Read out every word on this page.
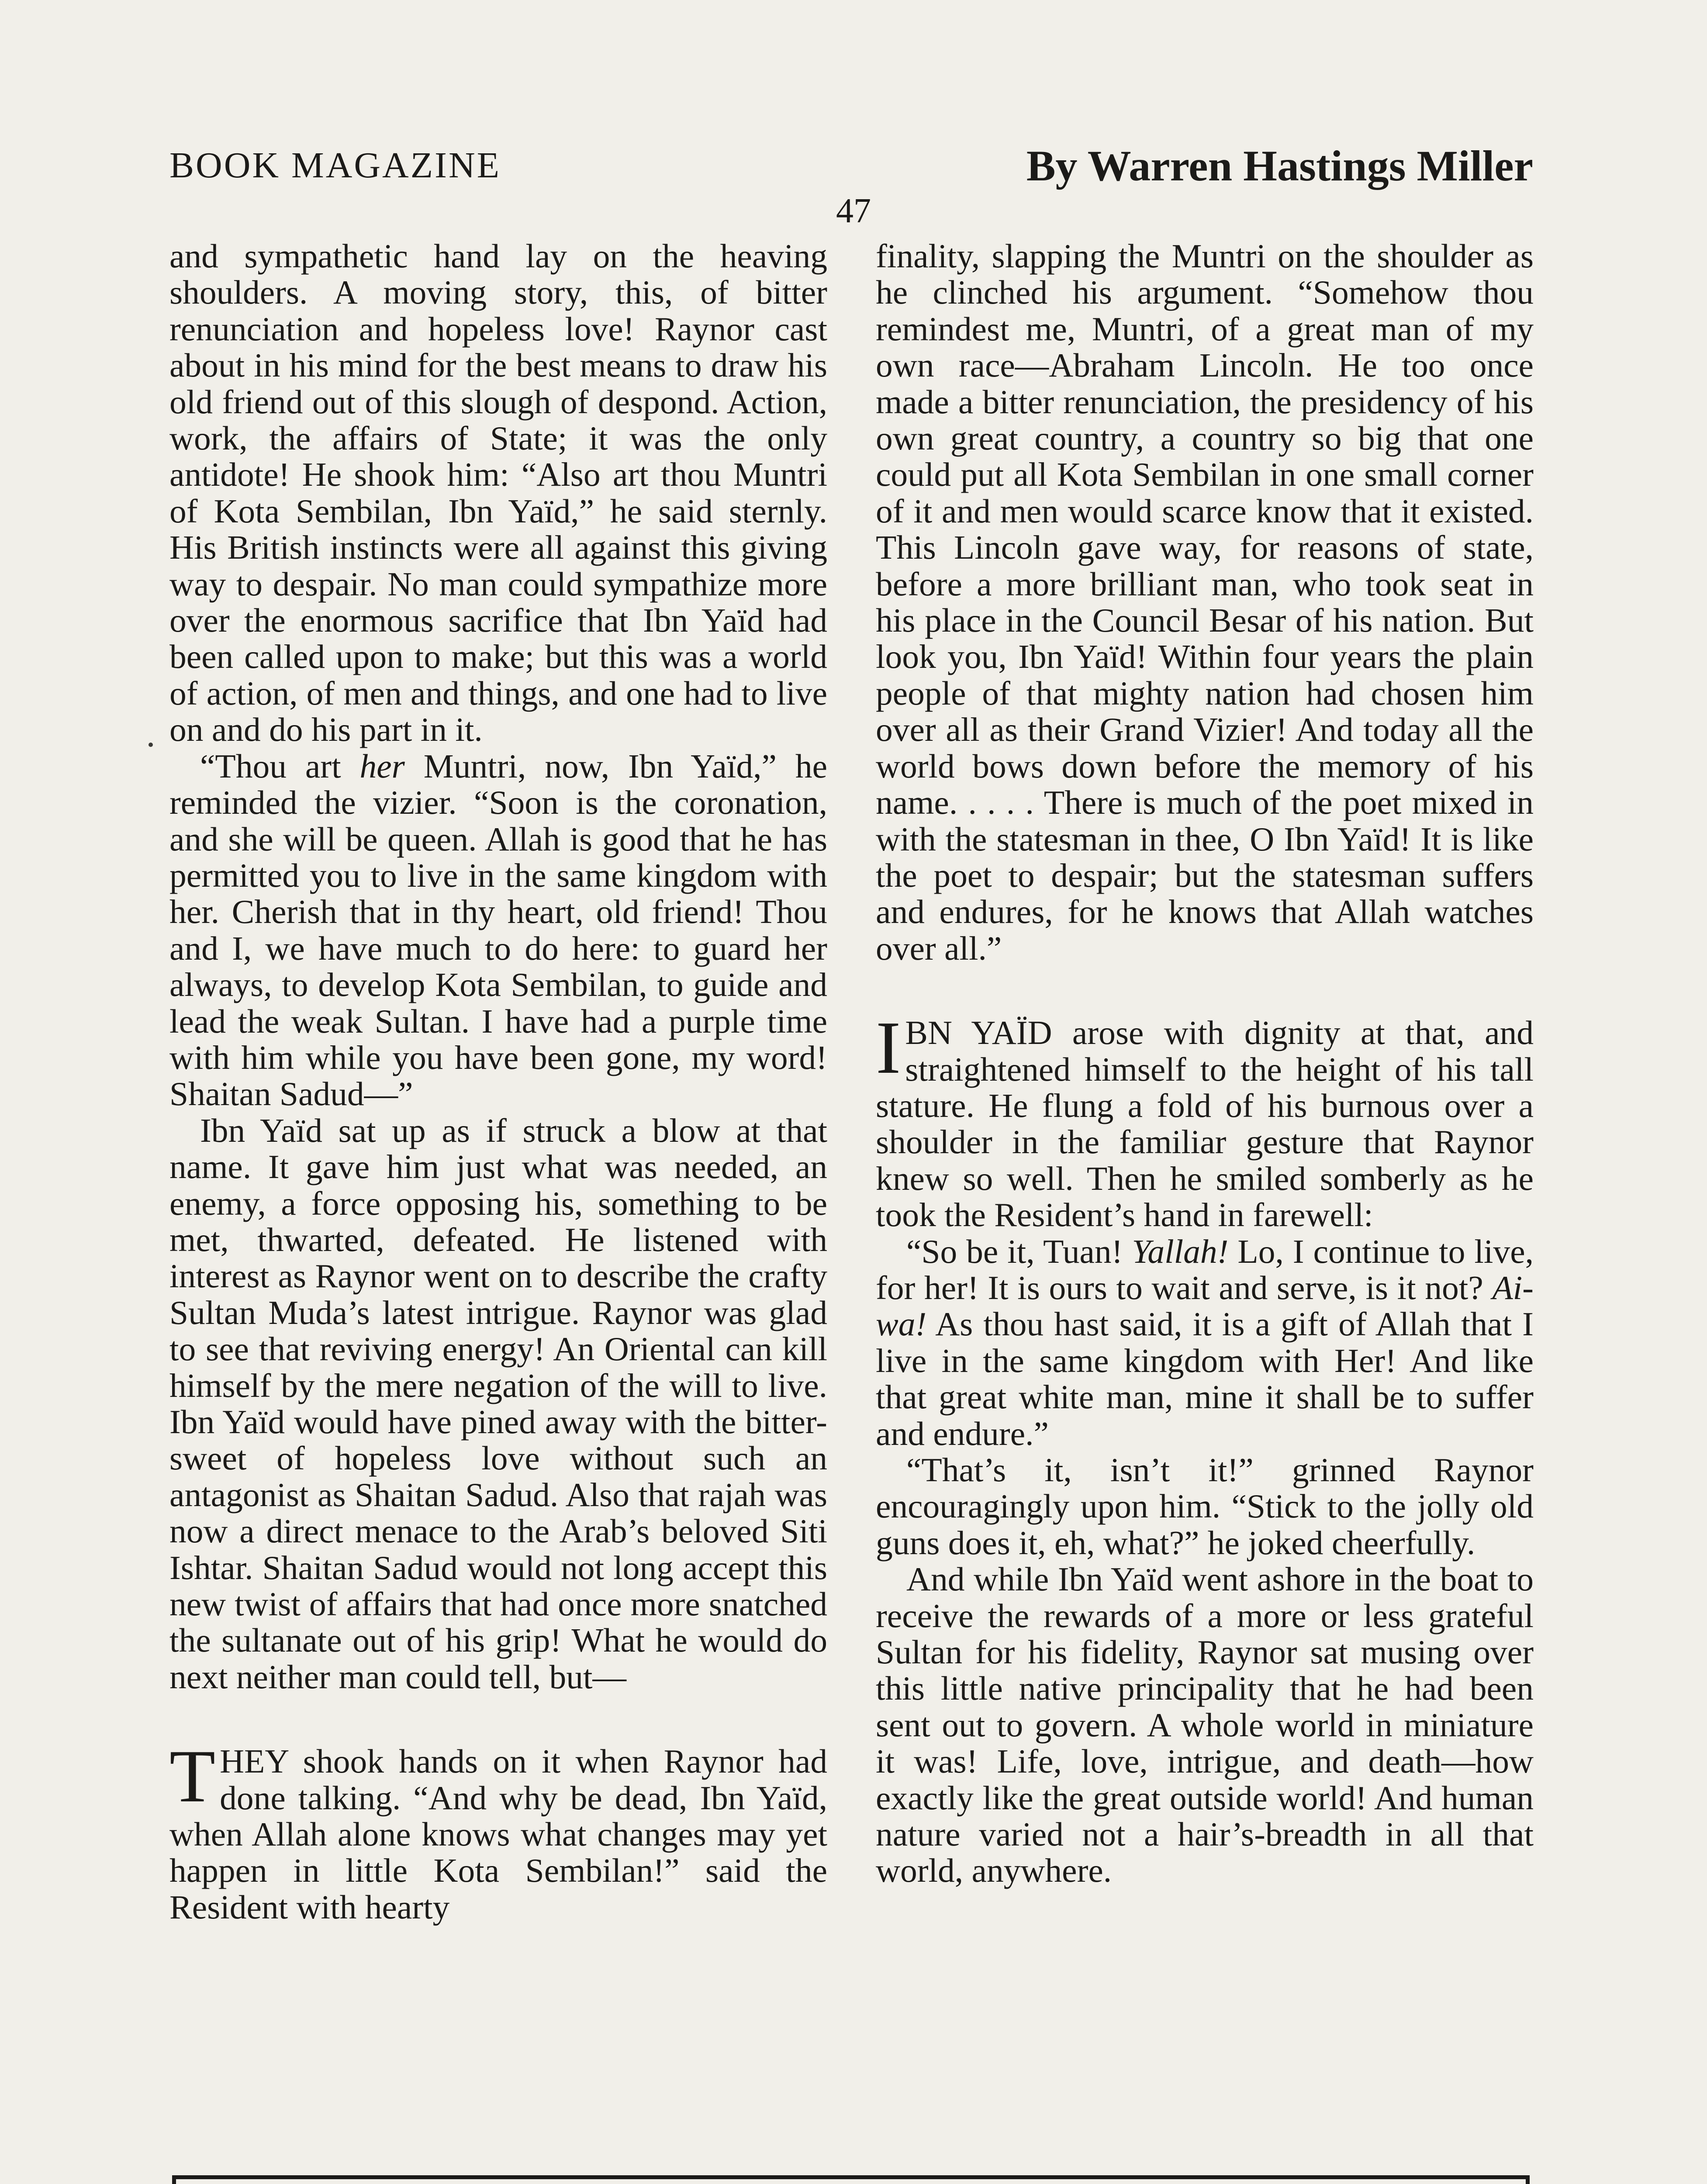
BOOK MAGAZINE	By Warren Hastings Miller
47

and sympathetic hand lay on the heaving shoulders. A moving story, this, of bitter renunciation and hopeless love! Raynor cast about in his mind for the best means to draw his old friend out of this slough of despond. Action, work, the affairs of State; it was the only antidote! He shook him: “Also art thou Muntri of Kota Sembilan, Ibn Yaïd,” he said sternly. His British instincts were all against this giving way to despair. No man could sympathize more over the enormous sacrifice that Ibn Yaïd had been called upon to make; but this was a world of action, of men and things, and one had to live on and do his part in it.

“Thou art her Muntri, now, Ibn Yaïd,” he reminded the vizier. “Soon is the coronation, and she will be queen. Allah is good that he has permitted you to live in the same kingdom with her. Cherish that in thy heart, old friend! Thou and I, we have much to do here: to guard her always, to develop Kota Sembilan, to guide and lead the weak Sultan. I have had a purple time with him while you have been gone, my word! Shaitan Sadud—”

Ibn Yaïd sat up as if struck a blow at that name. It gave him just what was needed, an enemy, a force opposing his, something to be met, thwarted, defeated. He listened with interest as Raynor went on to describe the crafty Sultan Muda’s latest intrigue. Raynor was glad to see that reviving energy! An Oriental can kill himself by the mere negation of the will to live. Ibn Yaïd would have pined away with the bitter-sweet of hopeless love without such an antagonist as Shaitan Sadud. Also that rajah was now a direct menace to the Arab’s beloved Siti Ishtar. Shaitan Sadud would not long accept this new twist of affairs that had once more snatched the sultanate out of his grip! What he would do next neither man could tell, but—

THEY shook hands on it when Raynor had done talking. “And why be dead, Ibn Yaïd, when Allah alone knows what changes may yet happen in little Kota Sembilan!” said the Resident with hearty

finality, slapping the Muntri on the shoulder as he clinched his argument. “Somehow thou remindest me, Muntri, of a great man of my own race—Abraham Lincoln. He too once made a bitter renunciation, the presidency of his own great country, a country so big that one could put all Kota Sembilan in one small corner of it and men would scarce know that it existed. This Lincoln gave way, for reasons of state, before a more brilliant man, who took seat in his place in the Council Besar of his nation. But look you, Ibn Yaïd! Within four years the plain people of that mighty nation had chosen him over all as their Grand Vizier! And today all the world bows down before the memory of his name. . . . . There is much of the poet mixed in with the statesman in thee, O Ibn Yaïd! It is like the poet to despair; but the statesman suffers and endures, for he knows that Allah watches over all.”

IBN YAÏD arose with dignity at that, and straightened himself to the height of his tall stature. He flung a fold of his burnous over a shoulder in the familiar gesture that Raynor knew so well. Then he smiled somberly as he took the Resident’s hand in farewell:

“So be it, Tuan! Yallah! Lo, I continue to live, for her! It is ours to wait and serve, is it not? Ai-wa! As thou hast said, it is a gift of Allah that I live in the same kingdom with Her! And like that great white man, mine it shall be to suffer and endure.”

“That’s it, isn’t it!” grinned Raynor encouragingly upon him. “Stick to the jolly old guns does it, eh, what?” he joked cheerfully.

And while Ibn Yaïd went ashore in the boat to receive the rewards of a more or less grateful Sultan for his fidelity, Raynor sat musing over this little native principality that he had been sent out to govern. A whole world in miniature it was! Life, love, intrigue, and death—how exactly like the great outside world! And human nature varied not a hair’s-breadth in all that world, anywhere.
